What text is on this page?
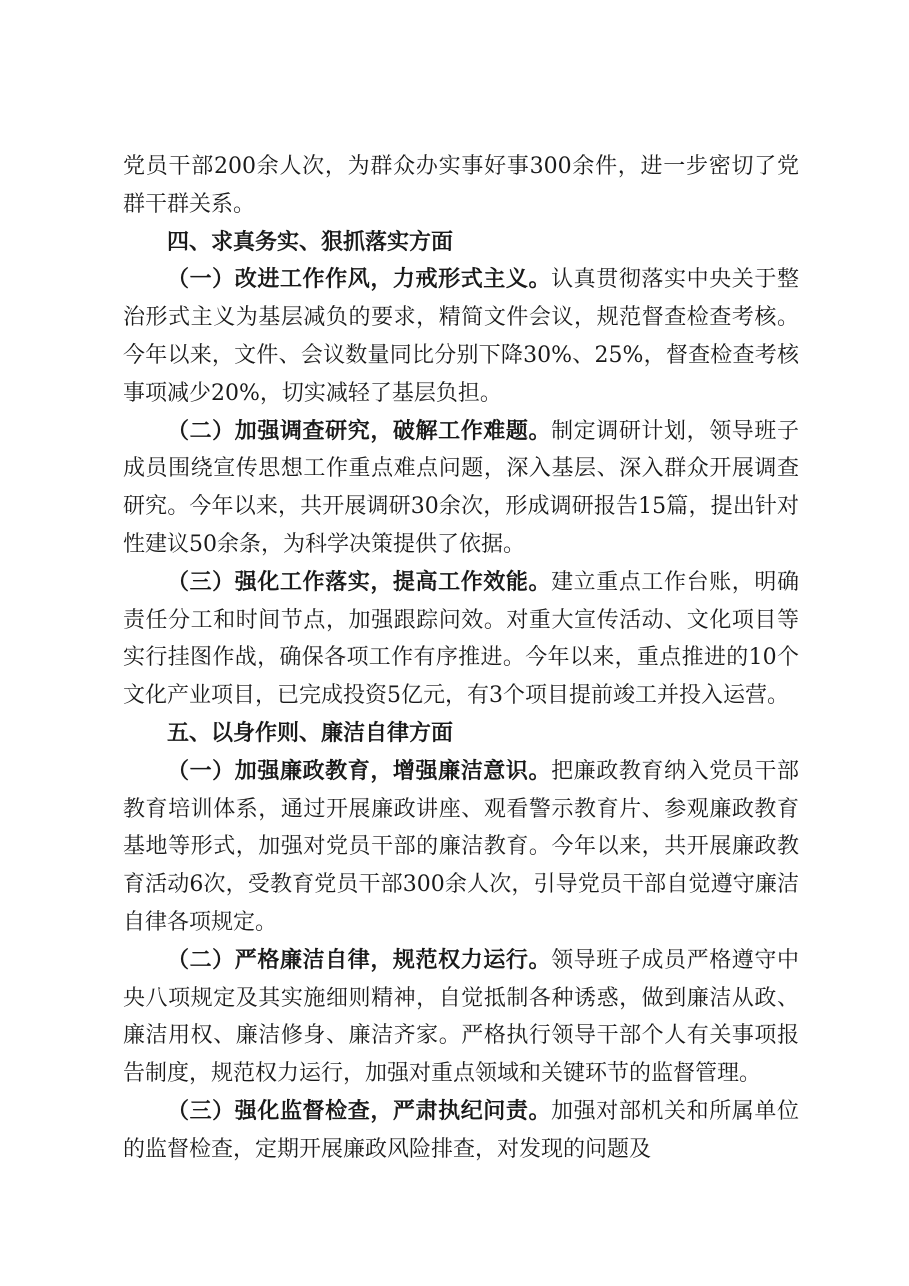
党员干部200余人次，为群众办实事好事300余件，进一步密切了党群干群关系。

四、求真务实、狠抓落实方面

（一）改进工作作风，力戒形式主义。认真贯彻落实中央关于整治形式主义为基层减负的要求，精简文件会议，规范督查检查考核。今年以来，文件、会议数量同比分别下降30%、25%，督查检查考核事项减少20%，切实减轻了基层负担。

（二）加强调查研究，破解工作难题。制定调研计划，领导班子成员围绕宣传思想工作重点难点问题，深入基层、深入群众开展调查研究。今年以来，共开展调研30余次，形成调研报告15篇，提出针对性建议50余条，为科学决策提供了依据。

（三）强化工作落实，提高工作效能。建立重点工作台账，明确责任分工和时间节点，加强跟踪问效。对重大宣传活动、文化项目等实行挂图作战，确保各项工作有序推进。今年以来，重点推进的10个文化产业项目，已完成投资5亿元，有3个项目提前竣工并投入运营。

五、以身作则、廉洁自律方面

（一）加强廉政教育，增强廉洁意识。把廉政教育纳入党员干部教育培训体系，通过开展廉政讲座、观看警示教育片、参观廉政教育基地等形式，加强对党员干部的廉洁教育。今年以来，共开展廉政教育活动6次，受教育党员干部300余人次，引导党员干部自觉遵守廉洁自律各项规定。

（二）严格廉洁自律，规范权力运行。领导班子成员严格遵守中央八项规定及其实施细则精神，自觉抵制各种诱惑，做到廉洁从政、廉洁用权、廉洁修身、廉洁齐家。严格执行领导干部个人有关事项报告制度，规范权力运行，加强对重点领域和关键环节的监督管理。

（三）强化监督检查，严肃执纪问责。加强对部机关和所属单位的监督检查，定期开展廉政风险排查，对发现的问题及
